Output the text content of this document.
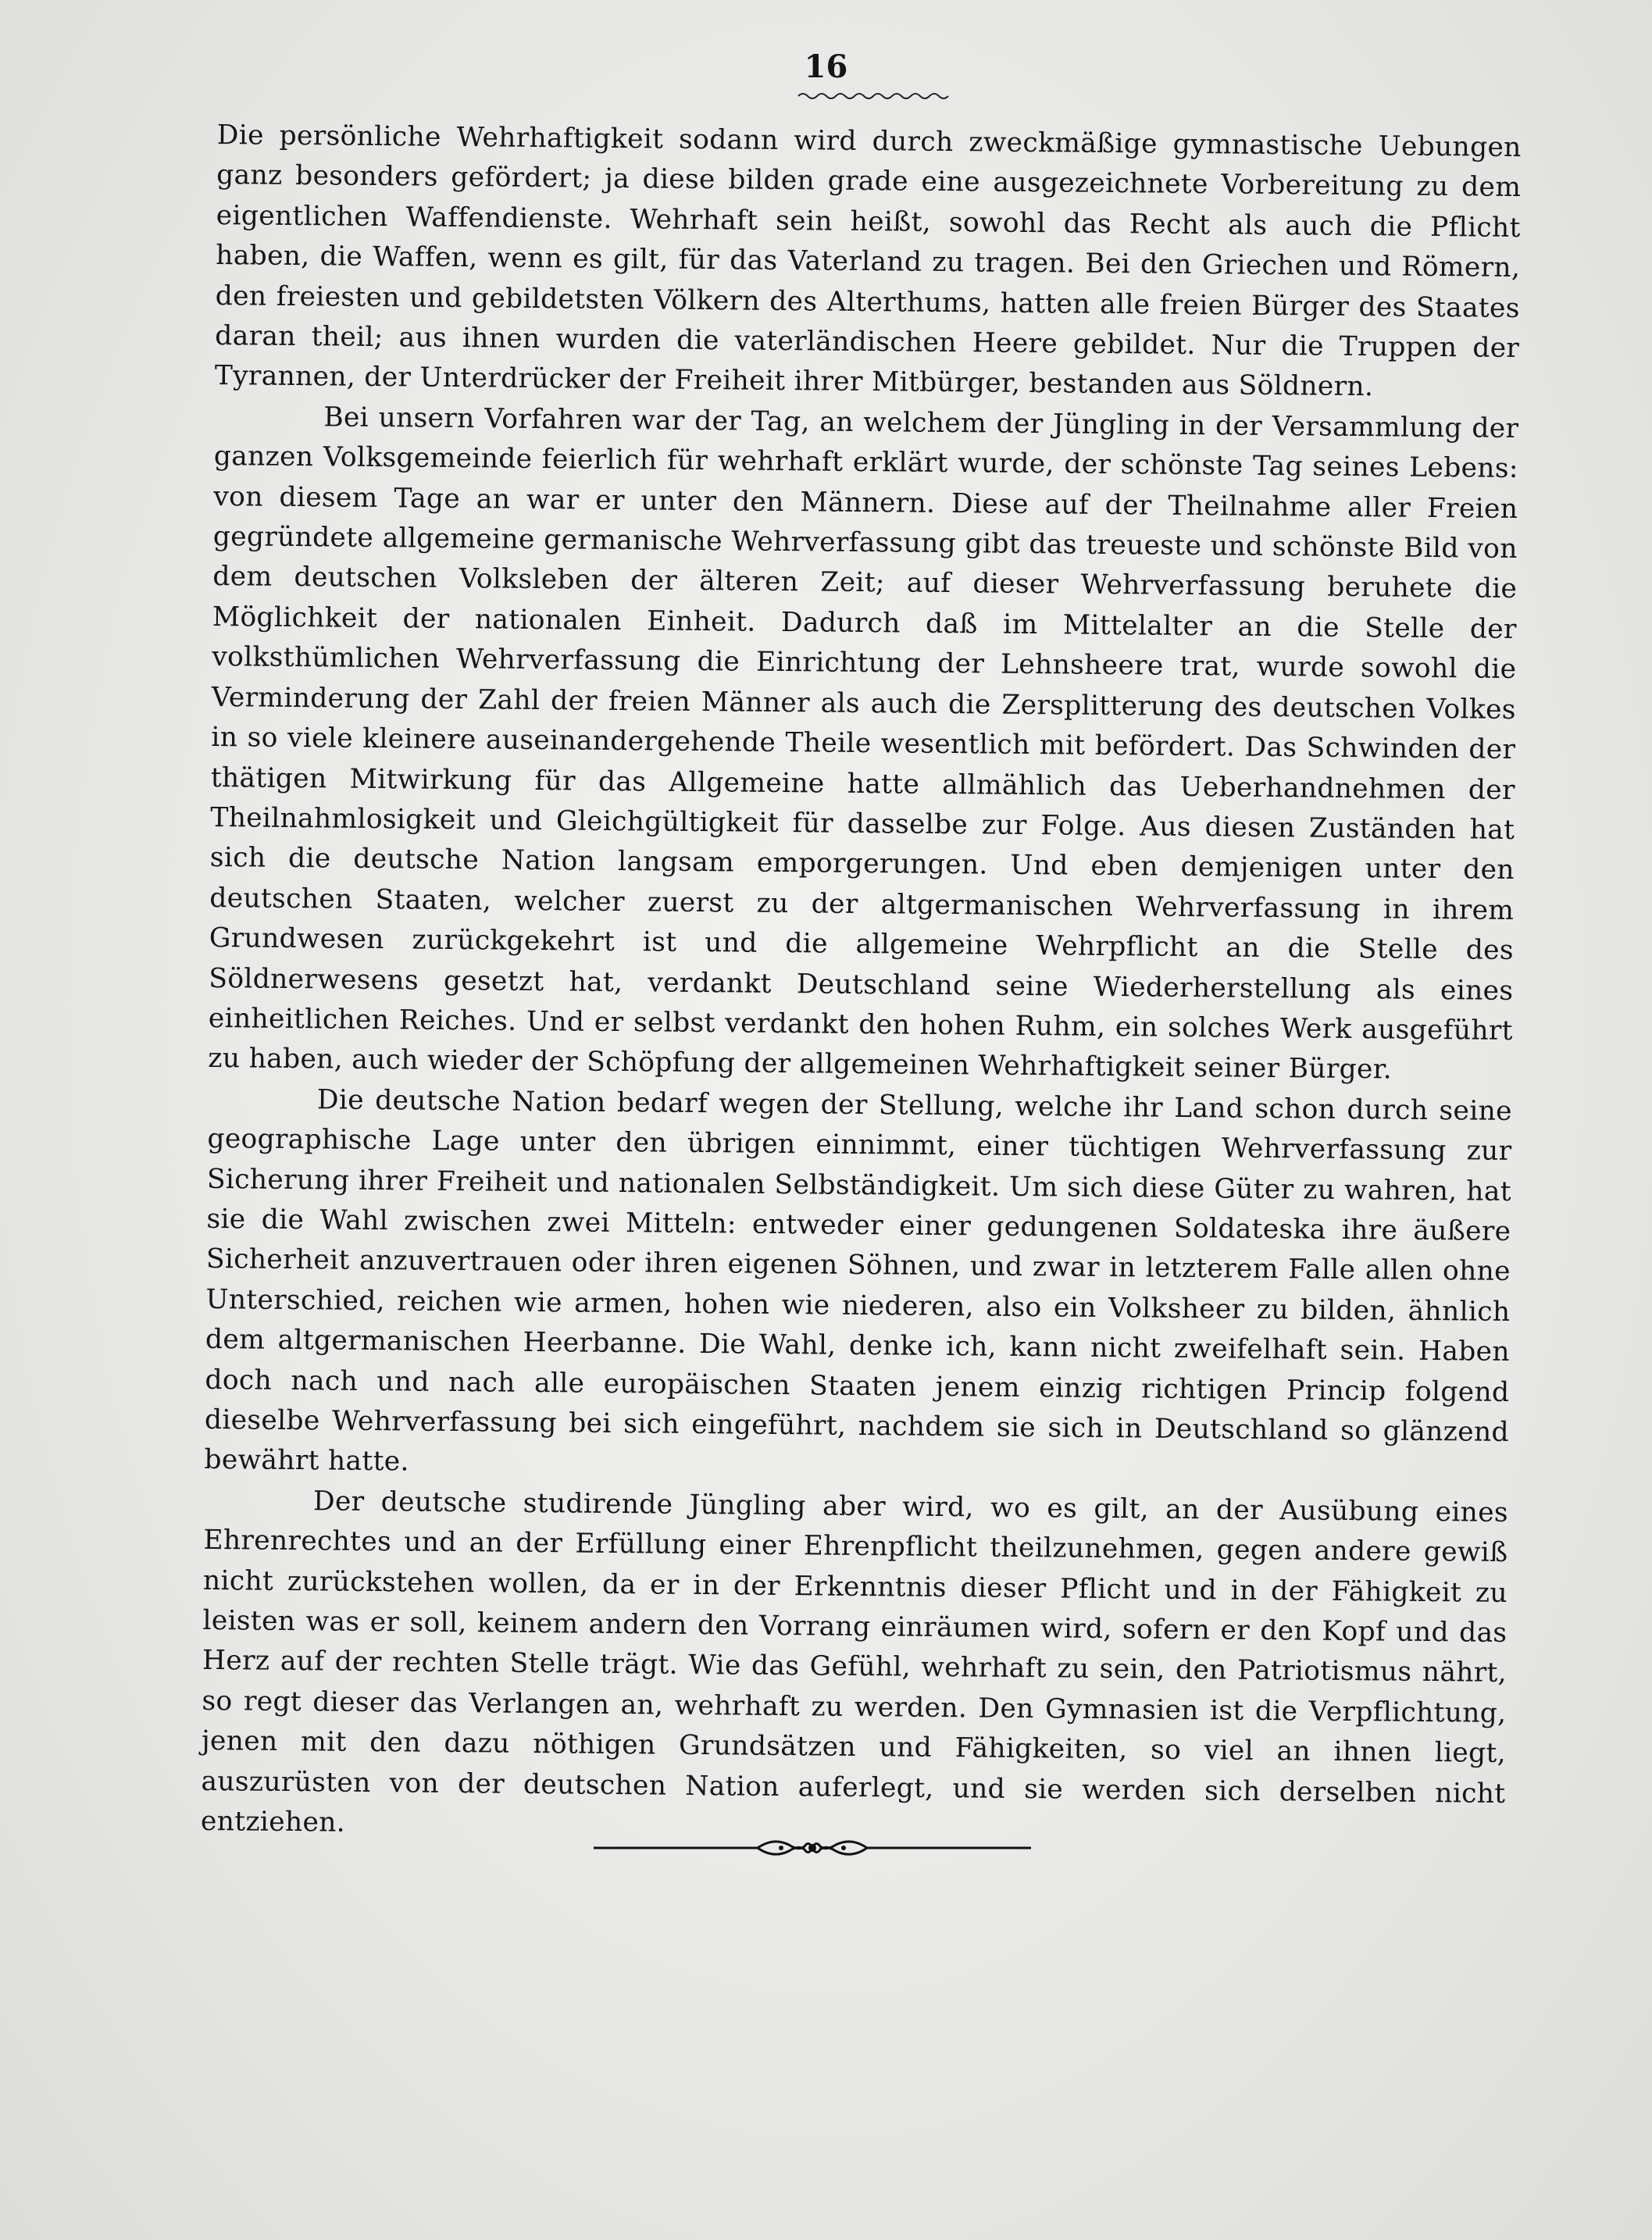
16

Die persönliche Wehrhaftigkeit sodann wird durch zweckmäßige gymnastische Uebungen ganz besonders gefördert; ja diese bilden grade eine ausgezeichnete Vorbereitung zu dem eigentlichen Waffendienste. Wehrhaft sein heißt, sowohl das Recht als auch die Pflicht haben, die Waffen, wenn es gilt, für das Vaterland zu tragen. Bei den Griechen und Römern, den freiesten und gebildetsten Völkern des Alterthums, hatten alle freien Bürger des Staates daran theil; aus ihnen wurden die vaterländischen Heere gebildet. Nur die Truppen der Tyrannen, der Unterdrücker der Freiheit ihrer Mitbürger, bestanden aus Söldnern.

Bei unsern Vorfahren war der Tag, an welchem der Jüngling in der Versammlung der ganzen Volksgemeinde feierlich für wehrhaft erklärt wurde, der schönste Tag seines Lebens: von diesem Tage an war er unter den Männern. Diese auf der Theilnahme aller Freien gegründete allgemeine germanische Wehrverfassung gibt das treueste und schönste Bild von dem deutschen Volksleben der älteren Zeit; auf dieser Wehrverfassung beruhete die Möglichkeit der nationalen Einheit. Dadurch daß im Mittelalter an die Stelle der volksthümlichen Wehrverfassung die Einrichtung der Lehnsheere trat, wurde sowohl die Verminderung der Zahl der freien Männer als auch die Zersplitterung des deutschen Volkes in so viele kleinere auseinandergehende Theile wesentlich mit befördert. Das Schwinden der thätigen Mitwirkung für das Allgemeine hatte allmählich das Ueberhandnehmen der Theilnahmlosigkeit und Gleichgültigkeit für dasselbe zur Folge. Aus diesen Zuständen hat sich die deutsche Nation langsam emporgerungen. Und eben demjenigen unter den deutschen Staaten, welcher zuerst zu der altgermanischen Wehrverfassung in ihrem Grundwesen zurückgekehrt ist und die allgemeine Wehrpflicht an die Stelle des Söldnerwesens gesetzt hat, verdankt Deutschland seine Wiederherstellung als eines einheitlichen Reiches. Und er selbst verdankt den hohen Ruhm, ein solches Werk ausgeführt zu haben, auch wieder der Schöpfung der allgemeinen Wehrhaftigkeit seiner Bürger.

Die deutsche Nation bedarf wegen der Stellung, welche ihr Land schon durch seine geographische Lage unter den übrigen einnimmt, einer tüchtigen Wehrverfassung zur Sicherung ihrer Freiheit und nationalen Selbständigkeit. Um sich diese Güter zu wahren, hat sie die Wahl zwischen zwei Mitteln: entweder einer gedungenen Soldateska ihre äußere Sicherheit anzuvertrauen oder ihren eigenen Söhnen, und zwar in letzterem Falle allen ohne Unterschied, reichen wie armen, hohen wie niederen, also ein Volksheer zu bilden, ähnlich dem altgermanischen Heerbanne. Die Wahl, denke ich, kann nicht zweifelhaft sein. Haben doch nach und nach alle europäischen Staaten jenem einzig richtigen Princip folgend dieselbe Wehrverfassung bei sich eingeführt, nachdem sie sich in Deutschland so glänzend bewährt hatte.

Der deutsche studirende Jüngling aber wird, wo es gilt, an der Ausübung eines Ehrenrechtes und an der Erfüllung einer Ehrenpflicht theilzunehmen, gegen andere gewiß nicht zurückstehen wollen, da er in der Erkenntnis dieser Pflicht und in der Fähigkeit zu leisten was er soll, keinem andern den Vorrang einräumen wird, sofern er den Kopf und das Herz auf der rechten Stelle trägt. Wie das Gefühl, wehrhaft zu sein, den Patriotismus nährt, so regt dieser das Verlangen an, wehrhaft zu werden. Den Gymnasien ist die Verpflichtung, jenen mit den dazu nöthigen Grundsätzen und Fähigkeiten, so viel an ihnen liegt, auszurüsten von der deutschen Nation auferlegt, und sie werden sich derselben nicht entziehen.
